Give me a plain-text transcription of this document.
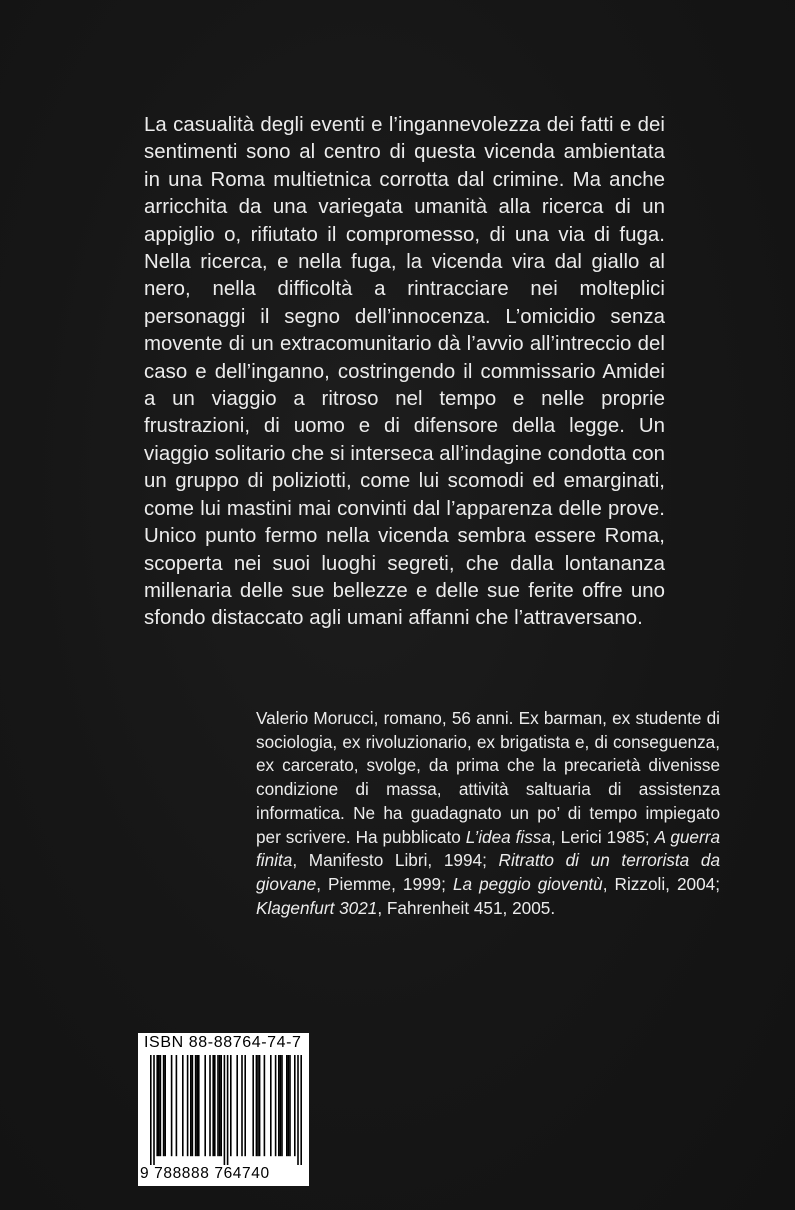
La casualità degli eventi e l’ingannevolezza dei fatti e dei sentimenti sono al centro di questa vicenda ambientata in una Roma multietnica corrotta dal crimine. Ma anche arricchita da una variegata umanità alla ricerca di un appiglio o, rifiutato il compromesso, di una via di fuga. Nella ricerca, e nella fuga, la vicenda vira dal giallo al nero, nella difficoltà a rintracciare nei molteplici personaggi il segno dell’innocenza. L’omicidio senza movente di un extracomunitario dà l’avvio all’intreccio del caso e dell’inganno, costringendo il commissario Amidei a un viaggio a ritroso nel tempo e nelle proprie frustrazioni, di uomo e di difensore della legge. Un viaggio solitario che si interseca all’indagine condotta con un gruppo di poliziotti, come lui scomodi ed emarginati, come lui mastini mai convinti dal l’apparenza delle prove. Unico punto fermo nella vicenda sembra essere Roma, scoperta nei suoi luoghi segreti, che dalla lontananza millenaria delle sue bellezze e delle sue ferite offre uno sfondo distaccato agli umani affanni che l’attraversano.

Valerio Morucci, romano, 56 anni. Ex barman, ex studente di sociologia, ex rivoluzionario, ex brigatista e, di conseguenza, ex carcerato, svolge, da prima che la precarietà divenisse condizione di massa, attività saltuaria di assistenza informatica. Ne ha guadagnato un po’ di tempo impiegato per scrivere. Ha pubblicato L’idea fissa, Lerici 1985; A guerra finita, Manifesto Libri, 1994; Ritratto di un terrorista da giovane, Piemme, 1999; La peggio gioventù, Rizzoli, 2004; Klagenfurt 3021, Fahrenheit 451, 2005.

ISBN 88-88764-74-7
9 788888 764740
